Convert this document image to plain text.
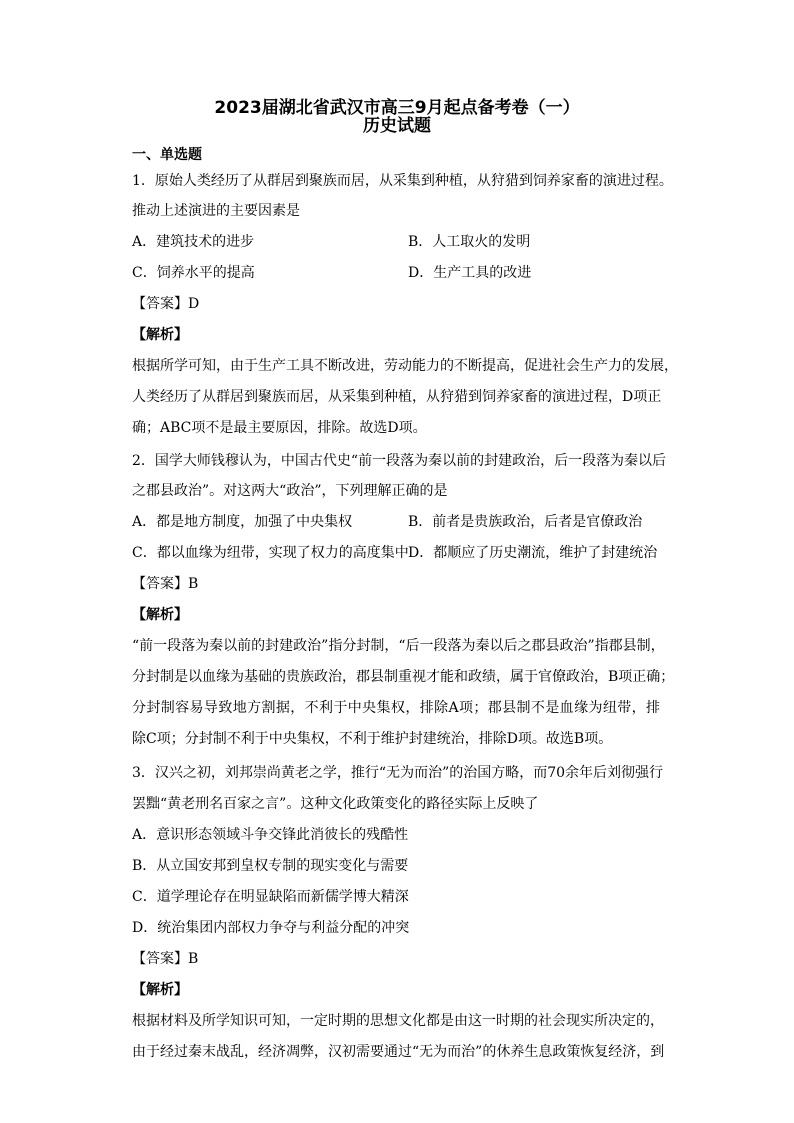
2023届湖北省武汉市高三9月起点备考卷（一）
历史试题
一、单选题
1．原始人类经历了从群居到聚族而居，从采集到种植，从狩猎到饲养家畜的演进过程。
推动上述演进的主要因素是
A．建筑技术的进步	B．人工取火的发明
C．饲养水平的提高	D．生产工具的改进
【答案】D
【解析】
根据所学可知，由于生产工具不断改进，劳动能力的不断提高，促进社会生产力的发展，
人类经历了从群居到聚族而居，从采集到种植，从狩猎到饲养家畜的演进过程，D项正
确；ABC项不是最主要原因，排除。故选D项。
2．国学大师钱穆认为，中国古代史“前一段落为秦以前的封建政治，后一段落为秦以后
之郡县政治”。对这两大“政治”，下列理解正确的是
A．都是地方制度，加强了中央集权	B．前者是贵族政治，后者是官僚政治
C．都以血缘为纽带，实现了权力的高度集中 D．都顺应了历史潮流，维护了封建统治
【答案】B
【解析】
“前一段落为秦以前的封建政治”指分封制，“后一段落为秦以后之郡县政治”指郡县制，
分封制是以血缘为基础的贵族政治，郡县制重视才能和政绩，属于官僚政治，B项正确；
分封制容易导致地方割据，不利于中央集权，排除A项；郡县制不是血缘为纽带，排
除C项；分封制不利于中央集权，不利于维护封建统治，排除D项。故选B项。
3．汉兴之初，刘邦崇尚黄老之学，推行“无为而治”的治国方略，而70余年后刘彻强行
罢黜“黄老刑名百家之言”。这种文化政策变化的路径实际上反映了
A．意识形态领域斗争交锋此消彼长的残酷性
B．从立国安邦到皇权专制的现实变化与需要
C．道学理论存在明显缺陷而新儒学博大精深
D．统治集团内部权力争夺与利益分配的冲突
【答案】B
【解析】
根据材料及所学知识可知，一定时期的思想文化都是由这一时期的社会现实所决定的，
由于经过秦末战乱，经济凋弊，汉初需要通过“无为而治”的休养生息政策恢复经济，到
